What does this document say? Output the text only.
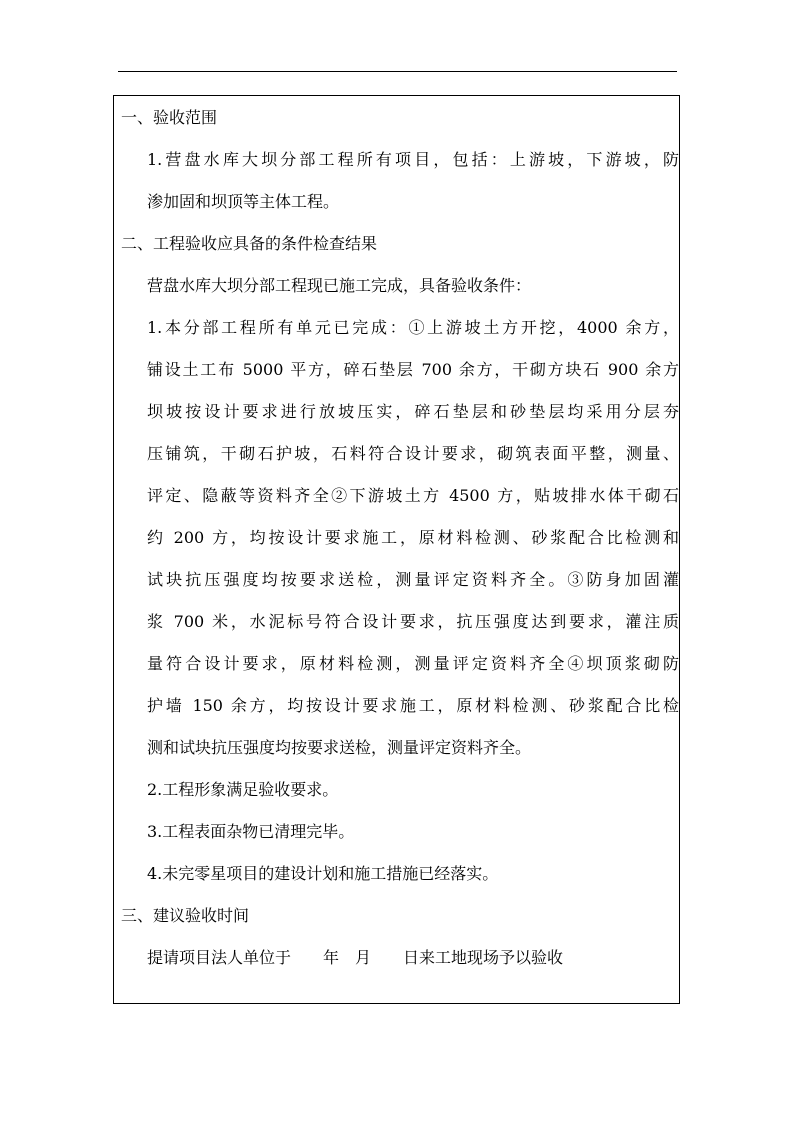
一、验收范围
1.营盘水库大坝分部工程所有项目，包括：上游坡，下游坡，防
渗加固和坝顶等主体工程。
二、工程验收应具备的条件检查结果
营盘水库大坝分部工程现已施工完成，具备验收条件：
1.本分部工程所有单元已完成：①上游坡土方开挖，4000 余方，
铺设土工布 5000 平方，碎石垫层 700 余方，干砌方块石 900 余方
坝坡按设计要求进行放坡压实，碎石垫层和砂垫层均采用分层夯
压铺筑，干砌石护坡，石料符合设计要求，砌筑表面平整，测量、
评定、隐蔽等资料齐全②下游坡土方 4500 方，贴坡排水体干砌石
约 200 方，均按设计要求施工，原材料检测、砂浆配合比检测和
试块抗压强度均按要求送检，测量评定资料齐全。③防身加固灌
浆 700 米，水泥标号符合设计要求，抗压强度达到要求，灌注质
量符合设计要求，原材料检测，测量评定资料齐全④坝顶浆砌防
护墙 150 余方，均按设计要求施工，原材料检测、砂浆配合比检
测和试块抗压强度均按要求送检，测量评定资料齐全。
2.工程形象满足验收要求。
3.工程表面杂物已清理完毕。
4.未完零星项目的建设计划和施工措施已经落实。
三、建议验收时间
提请项目法人单位于　　年　月　　日来工地现场予以验收
